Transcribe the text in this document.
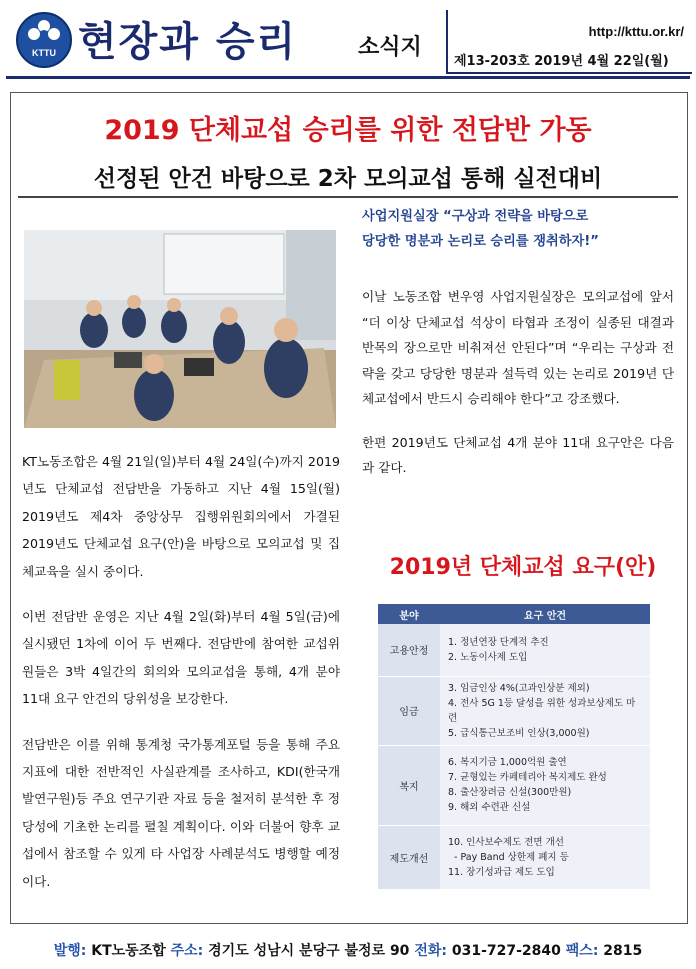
KTTU 현장과 승리	소식지
http://kttu.or.kr/
제13-203호 2019년 4월 22일(월)
2019 단체교섭 승리를 위한 전담반 가동
선정된 안건 바탕으로 2차 모의교섭 통해 실전대비

KT노동조합은 4월 21일(일)부터 4월 24일(수)까지 2019년도 단체교섭 전담반을 가동하고 지난 4월 15일(월) 2019년도 제4차 중앙상무 집행위원회의에서 가결된 2019년도 단체교섭 요구(안)을 바탕으로 모의교섭 및 집체교육을 실시 중이다.

이번 전담반 운영은 지난 4월 2일(화)부터 4월 5일(금)에 실시됐던 1차에 이어 두 번째다. 전담반에 참여한 교섭위원들은 3박 4일간의 회의와 모의교섭을 통해, 4개 분야 11대 요구 안건의 당위성을 보강한다.

전담반은 이를 위해 통계청 국가통계포털 등을 통해 주요지표에 대한 전반적인 사실관계를 조사하고, KDI(한국개발연구원)등 주요 연구기관 자료 등을 철저히 분석한 후 정당성에 기초한 논리를 펼칠 계획이다. 이와 더불어 향후 교섭에서 참조할 수 있게 타 사업장 사례분석도 병행할 예정이다.

사업지원실장 “구상과 전략을 바탕으로
당당한 명분과 논리로 승리를 쟁취하자!”

이날 노동조합 변우영 사업지원실장은 모의교섭에 앞서 “더 이상 단체교섭 석상이 타협과 조정이 실종된 대결과 반목의 장으로만 비춰져선 안된다”며 “우리는 구상과 전략을 갖고 당당한 명분과 설득력 있는 논리로 2019년 단체교섭에서 반드시 승리해야 한다”고 강조했다.

한편 2019년도 단체교섭 4개 분야 11대 요구안은 다음과 같다.

2019년 단체교섭 요구(안)
분야	요구 안건
고용안정	1. 정년연장 단계적 추진
2. 노동이사제 도입

임금	3. 임금인상 4%(고과인상분 제외)
4. 전사 5G 1등 달성을 위한 성과보상제도 마련
5. 급식통근보조비 인상(3,000원)

복지	6. 복지기금 1,000억원 출연
7. 균형있는 카페테리아 복지제도 완성
8. 출산장려금 신설(300만원)
9. 해외 수련관 신설

제도개선	10. 인사보수제도 전면 개선
- Pay Band 상한제 폐지 등
11. 장기성과급 제도 도입
발행: KT노동조합 주소: 경기도 성남시 분당구 불정로 90 전화: 031-727-2840 팩스: 2815
